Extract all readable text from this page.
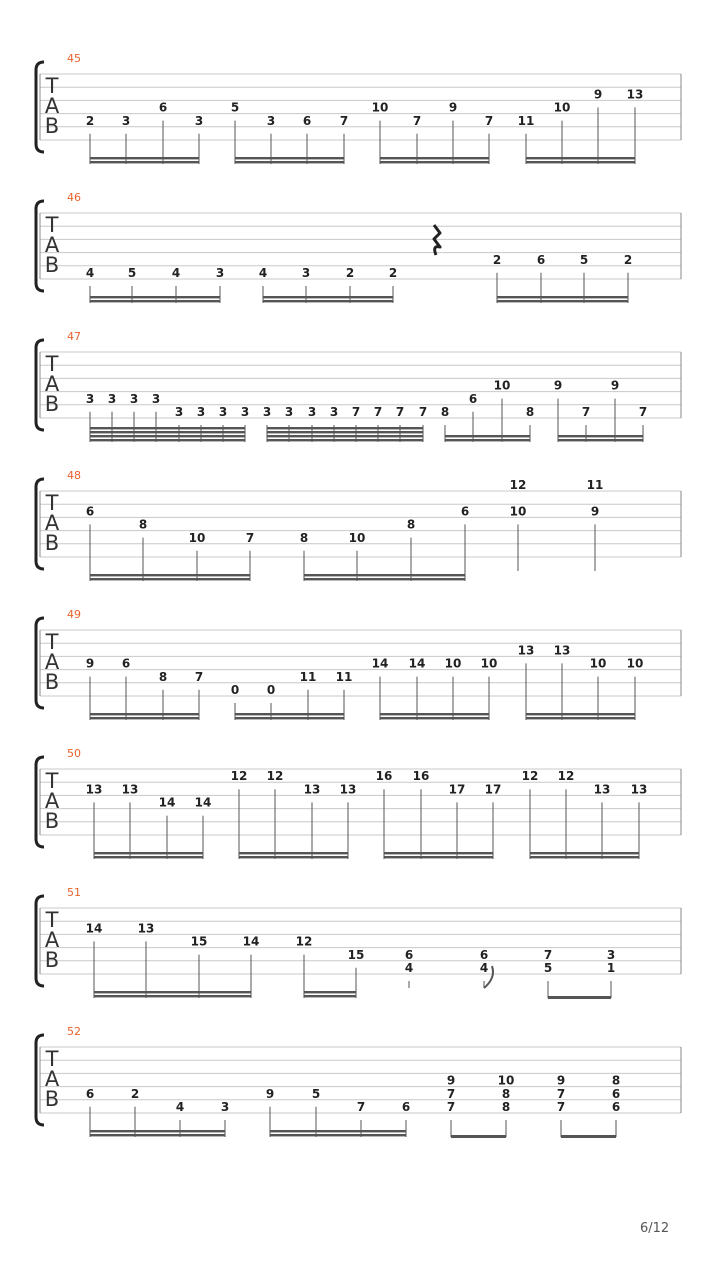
T
A
B
45
2 3
6
3
5
3 6 7
10
7
9
7 11
10
9 13
T
A
B
46
4	5	4	3	4	3	2	2
2	6	5	2
T
A
B
47
3 3 3 3
3 3 3 3 3 3 3 3 7 7 7 7 8
6
10
8
9
7
9
7
T
A
B
48
6
8
10	7	8	10
8
6
12
10
11
9
T
A
B
49
9 6
8 7
0 0
11 11
14 14 10 10
13 13
10 10
T
A
B
50
13 13
14 14
12 12
13 13
16 16
17 17
12 12
13 13
T
A
B
51
14	13
15	14	12
15	6
4
6
4
7
5
3
1
T
A
B
52
6	2
4	3
9	5
7	6
9
7
7
10
8
8
9
7
7
8
6
6
6/12
